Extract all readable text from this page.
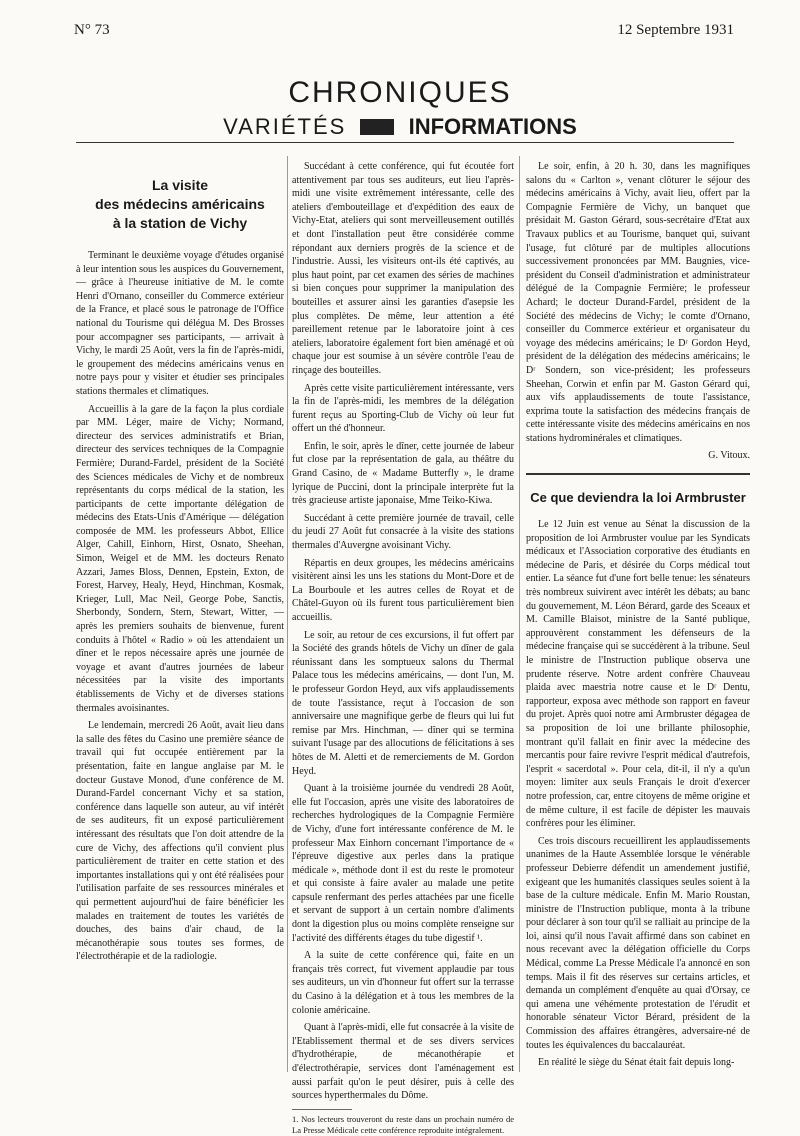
N° 73	12 Septembre 1931
CHRONIQUES
VARIÉTÉS	INFORMATIONS
La visite
des médecins américains
à la station de Vichy

Terminant le deuxième voyage d'études organisé à leur intention sous les auspices du Gouvernement, — grâce à l'heureuse initiative de M. le comte Henri d'Ornano, conseiller du Commerce extérieur de la France, et placé sous le patronage de l'Office national du Tourisme qui délégua M. Des Brosses pour accompagner ses participants, — arrivait à Vichy, le mardi 25 Août, vers la fin de l'après-midi, le groupement des médecins américains venus en notre pays pour y visiter et étudier ses principales stations thermales et climatiques.

Accueillis à la gare de la façon la plus cordiale par MM. Léger, maire de Vichy; Normand, directeur des services administratifs et Brian, directeur des services techniques de la Compagnie Fermière; Durand-Fardel, président de la Société des Sciences médicales de Vichy et de nombreux représentants du corps médical de la station, les participants de cette importante délégation de médecins des Etats-Unis d'Amérique — délégation composée de MM. les professeurs Abbot, Ellice Alger, Cahill, Einhorn, Hirst, Osnato, Sheehan, Simon, Weigel et de MM. les docteurs Renato Azzari, James Bloss, Dennen, Epstein, Exton, de Forest, Harvey, Healy, Heyd, Hinchman, Kosmak, Krieger, Lull, Mac Neil, George Pobe, Sanctis, Sherbondy, Sondern, Stern, Stewart, Witter, — après les premiers souhaits de bienvenue, furent conduits à l'hôtel « Radio » où les attendaient un dîner et le repos nécessaire après une journée de voyage et avant d'autres journées de labeur nécessitées par la visite des importants établissements de Vichy et de diverses stations thermales avoisinantes.

Le lendemain, mercredi 26 Août, avait lieu dans la salle des fêtes du Casino une première séance de travail qui fut occupée entièrement par la présentation, faite en langue anglaise par M. le docteur Gustave Monod, d'une conférence de M. Durand-Fardel concernant Vichy et sa station, conférence dans laquelle son auteur, au vif intérêt de ses auditeurs, fit un exposé particulièrement intéressant des résultats que l'on doit attendre de la cure de Vichy, des affections qu'il convient plus particulièrement de traiter en cette station et des importantes installations qui y ont été réalisées pour l'utilisation parfaite de ses ressources minérales et qui permettent aujourd'hui de faire bénéficier les malades en traitement de toutes les variétés de douches, des bains d'air chaud, de la mécanothérapie sous toutes ses formes, de l'électrothérapie et de la radiologie.

Succédant à cette conférence, qui fut écoutée fort attentivement par tous ses auditeurs, eut lieu l'après-midi une visite extrêmement intéressante, celle des ateliers d'embouteillage et d'expédition des eaux de Vichy-Etat, ateliers qui sont merveilleusement outillés et dont l'installation peut être considérée comme répondant aux derniers progrès de la science et de l'industrie. Aussi, les visiteurs ont-ils été captivés, au plus haut point, par cet examen des séries de machines si bien conçues pour supprimer la manipulation des bouteilles et assurer ainsi les garanties d'asepsie les plus complètes. De même, leur attention a été pareillement retenue par le laboratoire joint à ces ateliers, laboratoire également fort bien aménagé et où chaque jour est soumise à un sévère contrôle l'eau de rinçage des bouteilles.

Après cette visite particulièrement intéressante, vers la fin de l'après-midi, les membres de la délégation furent reçus au Sporting-Club de Vichy où leur fut offert un thé d'honneur.

Enfin, le soir, après le dîner, cette journée de labeur fut close par la représentation de gala, au théâtre du Grand Casino, de « Madame Butterfly », le drame lyrique de Puccini, dont la principale interprète fut la très gracieuse artiste japonaise, Mme Teiko-Kiwa.

Succédant à cette première journée de travail, celle du jeudi 27 Août fut consacrée à la visite des stations thermales d'Auvergne avoisinant Vichy.

Répartis en deux groupes, les médecins américains visitèrent ainsi les uns les stations du Mont-Dore et de La Bourboule et les autres celles de Royat et de Châtel-Guyon où ils furent tous particulièrement bien accueillis.

Le soir, au retour de ces excursions, il fut offert par la Société des grands hôtels de Vichy un dîner de gala réunissant dans les somptueux salons du Thermal Palace tous les médecins américains, — dont l'un, M. le professeur Gordon Heyd, aux vifs applaudissements de toute l'assistance, reçut à l'occasion de son anniversaire une magnifique gerbe de fleurs qui lui fut remise par Mrs. Hinchman, — dîner qui se termina suivant l'usage par des allocutions de félicitations à ses hôtes de M. Aletti et de remerciements de M. Gordon Heyd.

Quant à la troisième journée du vendredi 28 Août, elle fut l'occasion, après une visite des laboratoires de recherches hydrologiques de la Compagnie Fermière de Vichy, d'une fort intéressante conférence de M. le professeur Max Einhorn concernant l'importance de « l'épreuve digestive aux perles dans la pratique médicale », méthode dont il est du reste le promoteur et qui consiste à faire avaler au malade une petite capsule renfermant des perles attachées par une ficelle et servant de support à un certain nombre d'aliments dont la digestion plus ou moins complète renseigne sur l'activité des différents étages du tube digestif ¹.

A la suite de cette conférence qui, faite en un français très correct, fut vivement applaudie par tous ses auditeurs, un vin d'honneur fut offert sur la terrasse du Casino à la délégation et à tous les membres de la colonie américaine.

Quant à l'après-midi, elle fut consacrée à la visite de l'Etablissement thermal et de ses divers services d'hydrothérapie, de mécanothérapie et d'électrothérapie, services dont l'aménagement est aussi parfait qu'on le peut désirer, puis à celle des sources hyperthermales du Dôme.

1. Nos lecteurs trouveront du reste dans un prochain numéro de La Presse Médicale cette conférence reproduite intégralement.

Le soir, enfin, à 20 h. 30, dans les magnifiques salons du « Carlton », venant clôturer le séjour des médecins américains à Vichy, avait lieu, offert par la Compagnie Fermière de Vichy, un banquet que présidait M. Gaston Gérard, sous-secrétaire d'Etat aux Travaux publics et au Tourisme, banquet qui, suivant l'usage, fut clôturé par de multiples allocutions successivement prononcées par MM. Baugnies, vice-président du Conseil d'administration et administrateur délégué de la Compagnie Fermière; le professeur Achard; le docteur Durand-Fardel, président de la Société des médecins de Vichy; le comte d'Ornano, conseiller du Commerce extérieur et organisateur du voyage des médecins américains; le Dʳ Gordon Heyd, président de la délégation des médecins américains; le Dʳ Sondern, son vice-président; les professeurs Sheehan, Corwin et enfin par M. Gaston Gérard qui, aux vifs applaudissements de toute l'assistance, exprima toute la satisfaction des médecins français de cette intéressante visite des médecins américains en nos stations hydrominérales et climatiques.

G. Vitoux.
Ce que deviendra la loi Armbruster

Le 12 Juin est venue au Sénat la discussion de la proposition de loi Armbruster voulue par les Syndicats médicaux et l'Association corporative des étudiants en médecine de Paris, et désirée du Corps médical tout entier. La séance fut d'une fort belle tenue: les sénateurs très nombreux suivirent avec intérêt les débats; au banc du gouvernement, M. Léon Bérard, garde des Sceaux et M. Camille Blaisot, ministre de la Santé publique, approuvèrent constamment les défenseurs de la médecine française qui se succédèrent à la tribune. Seul le ministre de l'Instruction publique observa une prudente réserve. Notre ardent confrère Chauveau plaida avec maestria notre cause et le Dʳ Dentu, rapporteur, exposa avec méthode son rapport en faveur du projet. Après quoi notre ami Armbruster dégagea de sa proposition de loi une brillante philosophie, montrant qu'il fallait en finir avec la médecine des mercantis pour faire revivre l'esprit médical d'autrefois, l'esprit « sacerdotal ». Pour cela, dit-il, il n'y a qu'un moyen: limiter aux seuls Français le droit d'exercer notre profession, car, entre citoyens de même origine et de même culture, il est facile de dépister les mauvais confrères pour les éliminer.

Ces trois discours recueillirent les applaudissements unanimes de la Haute Assemblée lorsque le vénérable professeur Debierre défendit un amendement justifié, exigeant que les humanités classiques seules soient à la base de la culture médicale. Enfin M. Mario Roustan, ministre de l'Instruction publique, monta à la tribune pour déclarer à son tour qu'il se ralliait au principe de la loi, ainsi qu'il nous l'avait affirmé dans son cabinet en nous recevant avec la délégation officielle du Corps Médical, comme La Presse Médicale l'a annoncé en son temps. Mais il fit des réserves sur certains articles, et demanda un complément d'enquête au quai d'Orsay, ce qui amena une véhémente protestation de l'érudit et honorable sénateur Victor Bérard, président de la Commission des affaires étrangères, adversaire-né de toutes les équivalences du baccalauréat.

En réalité le siège du Sénat était fait depuis long-
